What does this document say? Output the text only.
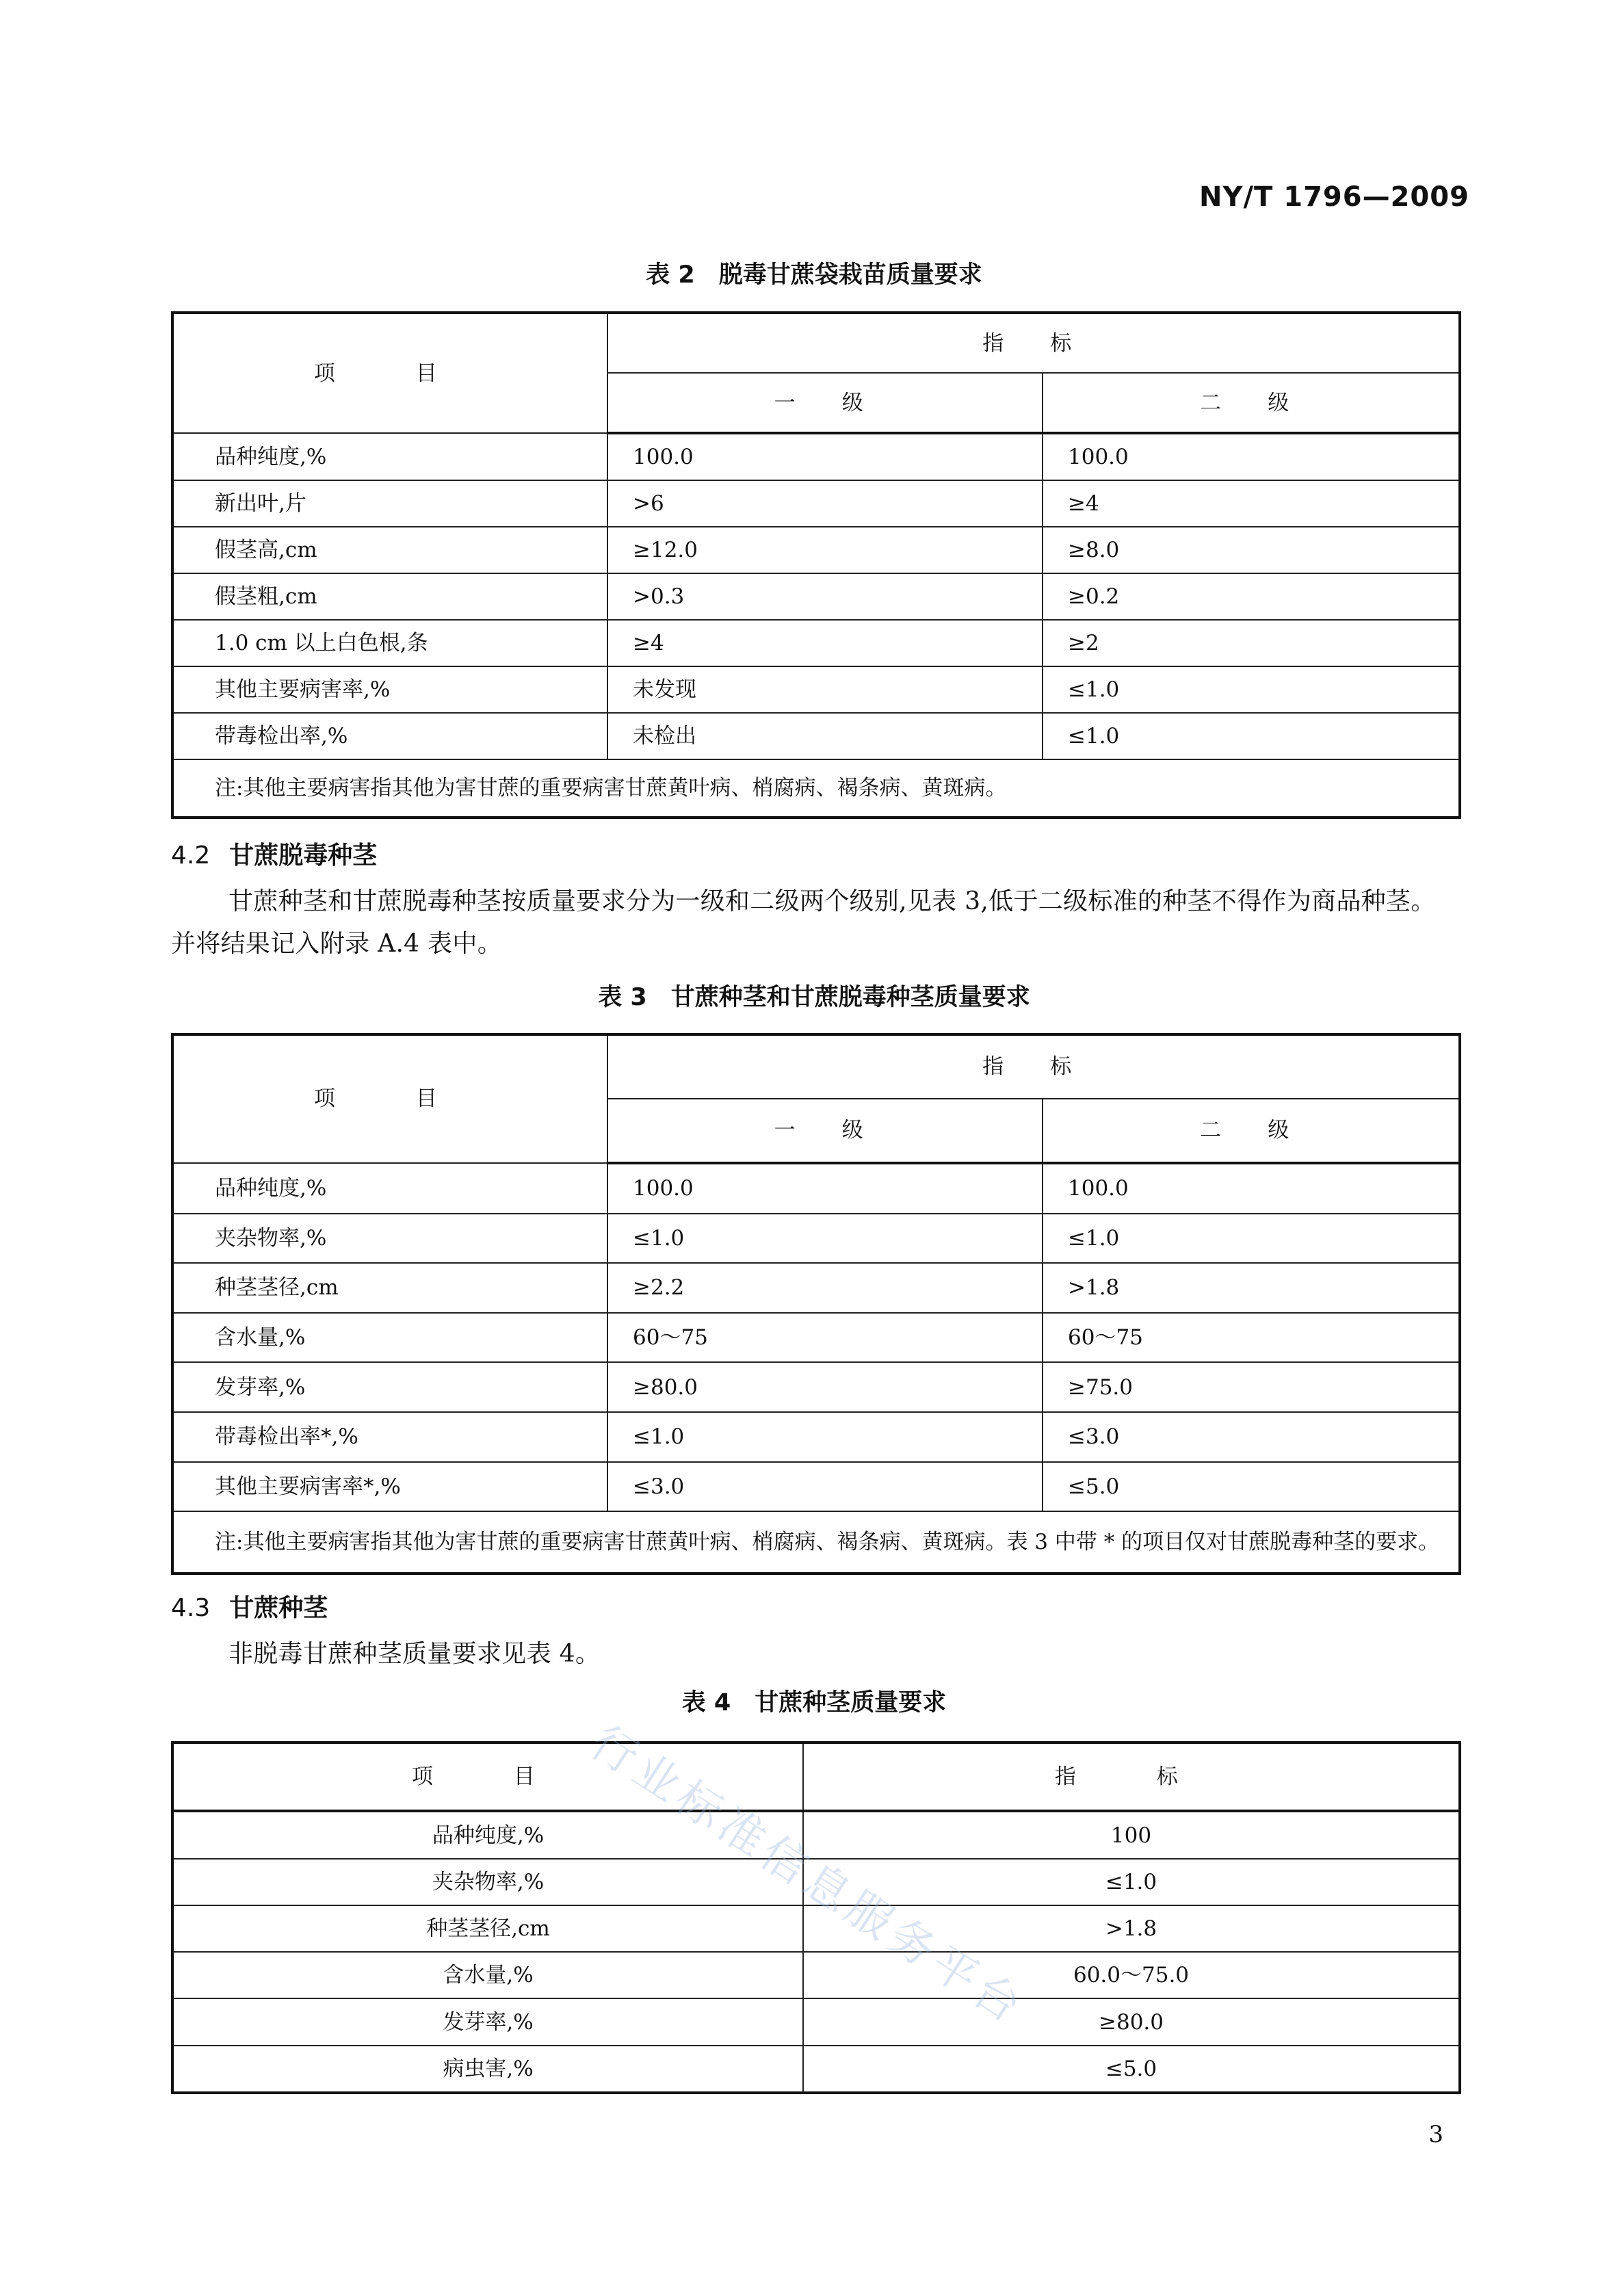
NY/T 1796—2009
表 2　脱毒甘蔗袋栽苗质量要求
项　目	指　标	
	一　级	二　级
品种纯度,%	100.0	100.0
新出叶,片	>6	≥4
假茎高,cm	≥12.0	≥8.0
假茎粗,cm	>0.3	≥0.2
1.0 cm 以上白色根,条	≥4	≥2
其他主要病害率,%	未发现	≤1.0
带毒检出率,%	未检出	≤1.0
注:其他主要病害指其他为害甘蔗的重要病害甘蔗黄叶病、梢腐病、褐条病、黄斑病。		
4.2 甘蔗脱毒种茎
甘蔗种茎和甘蔗脱毒种茎按质量要求分为一级和二级两个级别,见表 3,低于二级标准的种茎不得作为商品种茎。并将结果记入附录 A.4 表中。
表 3　甘蔗种茎和甘蔗脱毒种茎质量要求
项　目	指　标	
	一　级	二　级
品种纯度,%	100.0	100.0
夹杂物率,%	≤1.0	≤1.0
种茎茎径,cm	≥2.2	>1.8
含水量,%	60～75	60～75
发芽率,%	≥80.0	≥75.0
带毒检出率*,%	≤1.0	≤3.0
其他主要病害率*,%	≤3.0	≤5.0
注:其他主要病害指其他为害甘蔗的重要病害甘蔗黄叶病、梢腐病、褐条病、黄斑病。表 3 中带 * 的项目仅对甘蔗脱毒种茎的要求。		
4.3 甘蔗种茎
非脱毒甘蔗种茎质量要求见表 4。
表 4　甘蔗种茎质量要求
项　目	指　标
品种纯度,%	100
夹杂物率,%	≤1.0
种茎茎径,cm	>1.8
含水量,%	60.0～75.0
发芽率,%	≥80.0
病虫害,%	≤5.0
行业标准信息服务平台
3
